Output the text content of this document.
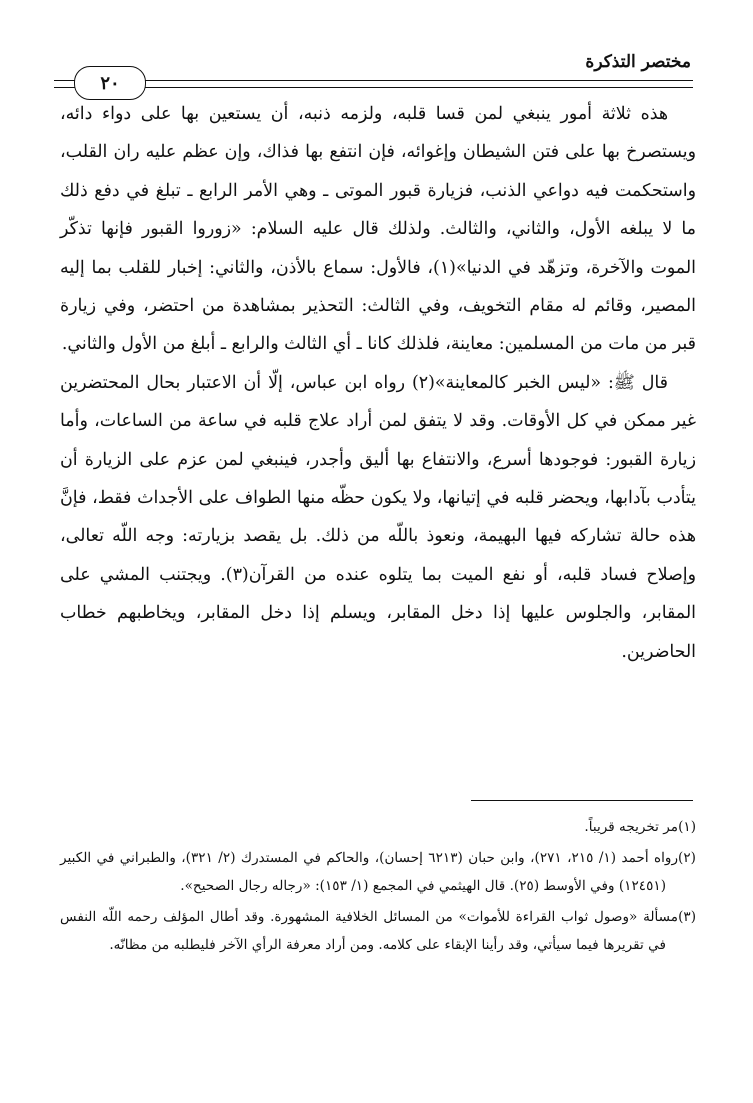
مختصر التذكرة
٢٠

هذه ثلاثة أمور ينبغي لمن قسا قلبه، ولزمه ذنبه، أن يستعين بها على دواء دائه، ويستصرخ بها على فتن الشيطان وإغوائه، فإن انتفع بها فذاك، وإن عظم عليه ران القلب، واستحكمت فيه دواعي الذنب، فزيارة قبور الموتى ـ وهي الأمر الرابع ـ تبلغ في دفع ذلك ما لا يبلغه الأول، والثاني، والثالث. ولذلك قال عليه السلام: «زوروا القبور فإنها تذكّر الموت والآخرة، وتزهّد في الدنيا»(١)، فالأول: سماع بالأذن، والثاني: إخبار للقلب بما إليه المصير، وقائم له مقام التخويف، وفي الثالث: التحذير بمشاهدة من احتضر، وفي زيارة قبر من مات من المسلمين: معاينة، فلذلك كانا ـ أي الثالث والرابع ـ أبلغ من الأول والثاني.

قال ﷺ: «ليس الخبر كالمعاينة»(٢) رواه ابن عباس، إلّا أن الاعتبار بحال المحتضرين غير ممكن في كل الأوقات. وقد لا يتفق لمن أراد علاج قلبه في ساعة من الساعات، وأما زيارة القبور: فوجودها أسرع، والانتفاع بها أليق وأجدر، فينبغي لمن عزم على الزيارة أن يتأدب بآدابها، ويحضر قلبه في إتيانها، ولا يكون حظّه منها الطواف على الأجداث فقط، فإنَّ هذه حالة تشاركه فيها البهيمة، ونعوذ باللّه من ذلك. بل يقصد بزيارته: وجه اللّه تعالى، وإصلاح فساد قلبه، أو نفع الميت بما يتلوه عنده من القرآن(٣). ويجتنب المشي على المقابر، والجلوس عليها إذا دخل المقابر، ويسلم إذا دخل المقابر، ويخاطبهم خطاب الحاضرين.

(١)مر تخريجه قريباً.

(٢)رواه أحمد (١/ ٢١٥، ٢٧١)، وابن حبان (٦٢١٣ إحسان)، والحاكم في المستدرك (٢/ ٣٢١)، والطبراني في الكبير (١٢٤٥١) وفي الأوسط (٢٥). قال الهيثمي في المجمع (١/ ١٥٣): «رجاله رجال الصحيح».

(٣)مسألة «وصول ثواب القراءة للأموات» من المسائل الخلافية المشهورة. وقد أطال المؤلف رحمه اللّه النفس في تقريرها فيما سيأتي، وقد رأينا الإبقاء على كلامه. ومن أراد معرفة الرأي الآخر فليطلبه من مظانّه.
